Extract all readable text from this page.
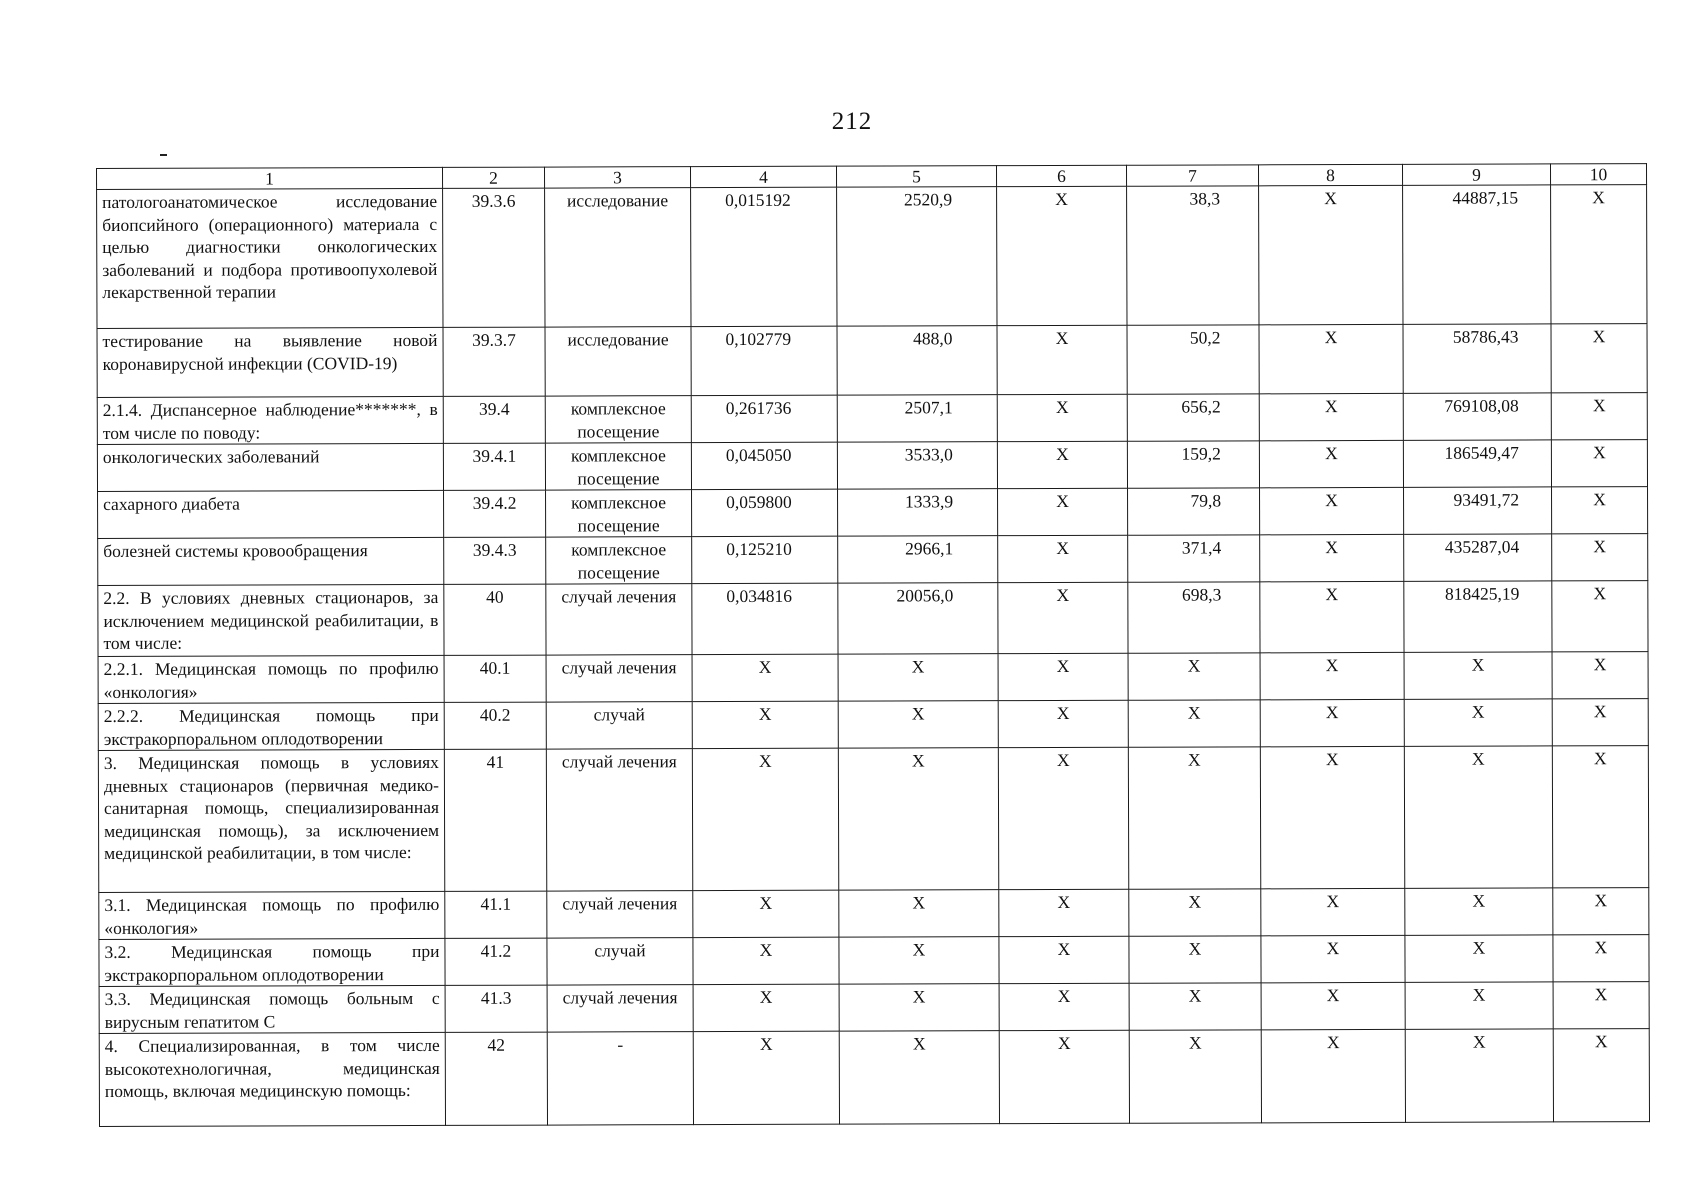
212
1	2	3	4	5	6	7	8	9	10
патологоанатомическое исследование биопсийного (операционного) материала с целью диагностики онкологических заболеваний и подбора противоопухолевой лекарственной терапии	39.3.6	исследование	0,015192	2520,9	X	38,3	X	44887,15	X
тестирование на выявление новой коронавирусной инфекции (COVID-19)	39.3.7	исследование	0,102779	488,0	X	50,2	X	58786,43	X
2.1.4. Диспансерное наблюдение*******, в том числе по поводу:	39.4	комплексное посещение	0,261736	2507,1	X	656,2	X	769108,08	X
онкологических заболеваний	39.4.1	комплексное посещение	0,045050	3533,0	X	159,2	X	186549,47	X
сахарного диабета	39.4.2	комплексное посещение	0,059800	1333,9	X	79,8	X	93491,72	X
болезней системы кровообращения	39.4.3	комплексное посещение	0,125210	2966,1	X	371,4	X	435287,04	X
2.2. В условиях дневных стационаров, за исключением медицинской реабилитации, в том числе:	40	случай лечения	0,034816	20056,0	X	698,3	X	818425,19	X
2.2.1. Медицинская помощь по профилю «онкология»	40.1	случай лечения	X	X	X	X	X	X	X
2.2.2. Медицинская помощь при экстракорпоральном оплодотворении	40.2	случай	X	X	X	X	X	X	X
3. Медицинская помощь в условиях дневных стационаров (первичная медико-санитарная помощь, специализированная медицинская помощь), за исключением медицинской реабилитации, в том числе:	41	случай лечения	X	X	X	X	X	X	X
3.1. Медицинская помощь по профилю «онкология»	41.1	случай лечения	X	X	X	X	X	X	X
3.2. Медицинская помощь при экстракорпоральном оплодотворении	41.2	случай	X	X	X	X	X	X	X
3.3. Медицинская помощь больным с вирусным гепатитом С	41.3	случай лечения	X	X	X	X	X	X	X
4. Специализированная, в том числе высокотехнологичная, медицинская помощь, включая медицинскую помощь:	42	-	X	X	X	X	X	X	X
